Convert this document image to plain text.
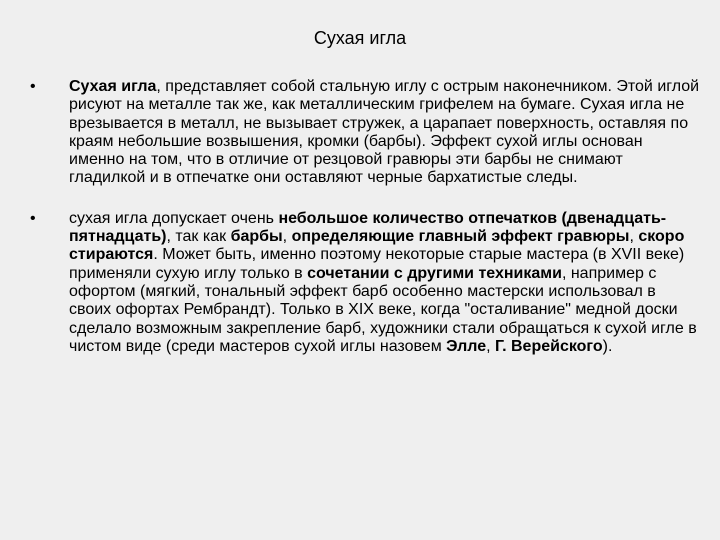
Сухая игла
• Сухая игла, представляет собой стальную иглу с острым наконечником. Этой иглой рисуют на металле так же, как металлическим грифелем на бумаге. Сухая игла не врезывается в металл, не вызывает стружек, а царапает поверхность, оставляя по краям небольшие возвышения, кромки (барбы). Эффект сухой иглы основан именно на том, что в отличие от резцовой гравюры эти барбы не снимают гладилкой и в отпечатке они оставляют черные бархатистые следы.
• сухая игла допускает очень небольшое количество отпечатков (двенадцать-пятнадцать), так как барбы, определяющие главный эффект гравюры, скоро стираются. Может быть, именно поэтому некоторые старые мастера (в XVII веке) применяли сухую иглу только в сочетании с другими техниками, например с офортом (мягкий, тональный эффект барб особенно мастерски использовал в своих офортах Рембрандт). Только в XIX веке, когда "осталивание" медной доски сделало возможным закрепление барб, художники стали обращаться к сухой игле в чистом виде (среди мастеров сухой иглы назовем Элле, Г. Верейского).
